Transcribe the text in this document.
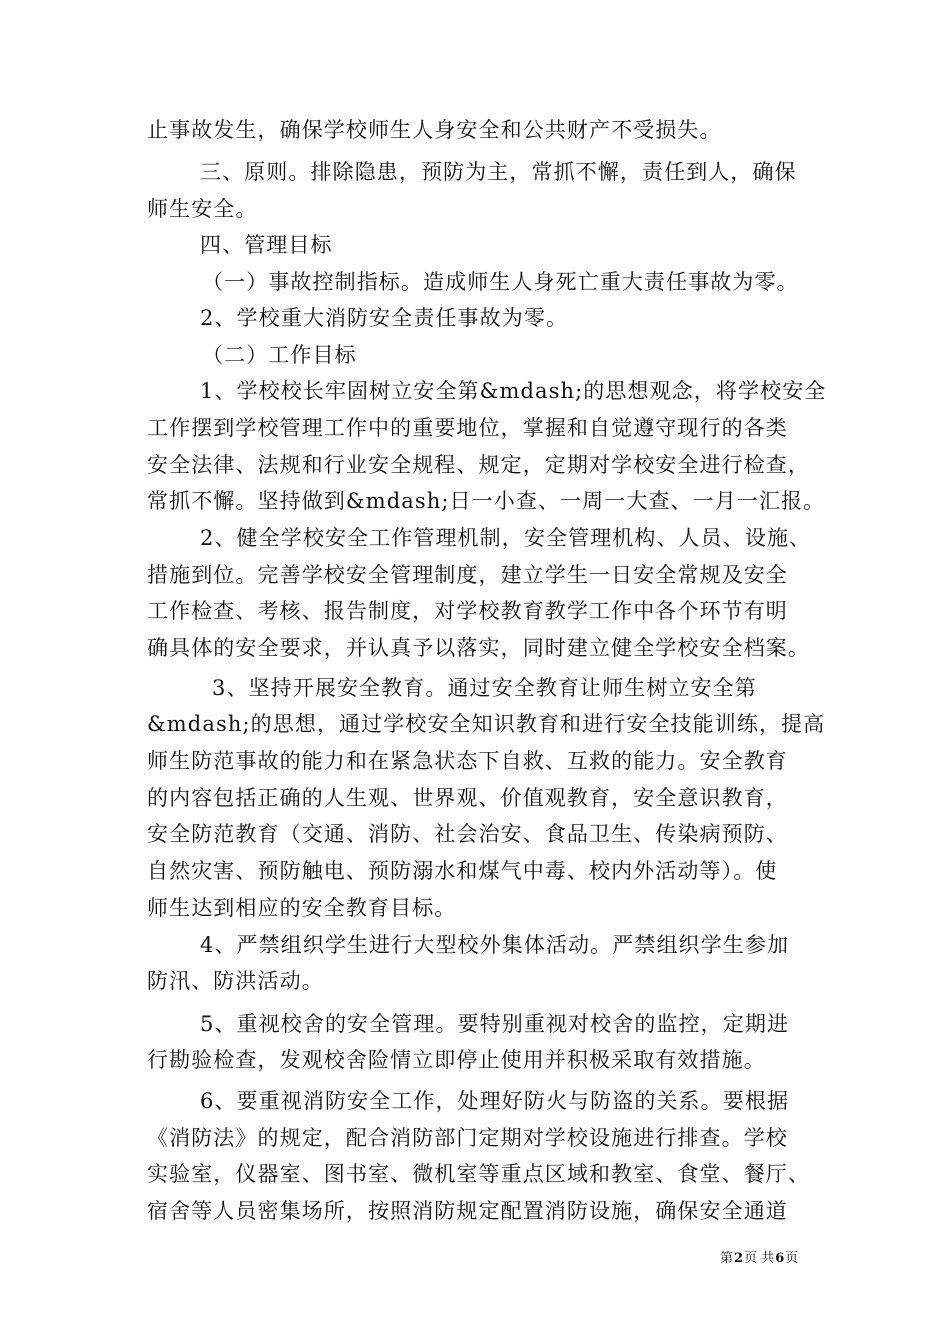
止事故发生，确保学校师生人身安全和公共财产不受损失。
三、原则。排除隐患，预防为主，常抓不懈，责任到人，确保
师生安全。
四、管理目标
（一）事故控制指标。造成师生人身死亡重大责任事故为零。
2、学校重大消防安全责任事故为零。
（二）工作目标
1、学校校长牢固树立安全第&mdash;的思想观念，将学校安全
工作摆到学校管理工作中的重要地位，掌握和自觉遵守现行的各类
安全法律、法规和行业安全规程、规定，定期对学校安全进行检查，
常抓不懈。坚持做到&mdash;日一小查、一周一大查、一月一汇报。
2、健全学校安全工作管理机制，安全管理机构、人员、设施、
措施到位。完善学校安全管理制度，建立学生一日安全常规及安全
工作检查、考核、报告制度，对学校教育教学工作中各个环节有明
确具体的安全要求，并认真予以落实，同时建立健全学校安全档案。
3、坚持开展安全教育。通过安全教育让师生树立安全第
&mdash;的思想，通过学校安全知识教育和进行安全技能训练，提高
师生防范事故的能力和在紧急状态下自救、互救的能力。安全教育
的内容包括正确的人生观、世界观、价值观教育，安全意识教育，
安全防范教育（交通、消防、社会治安、食品卫生、传染病预防、
自然灾害、预防触电、预防溺水和煤气中毒、校内外活动等）。使
师生达到相应的安全教育目标。
4、严禁组织学生进行大型校外集体活动。严禁组织学生参加
防汛、防洪活动。
5、重视校舍的安全管理。要特别重视对校舍的监控，定期进
行勘验检查，发观校舍险情立即停止使用并积极采取有效措施。
6、要重视消防安全工作，处理好防火与防盗的关系。要根据
《消防法》的规定，配合消防部门定期对学校设施进行排查。学校
实验室，仪器室、图书室、微机室等重点区域和教室、食堂、餐厅、
宿舍等人员密集场所，按照消防规定配置消防设施，确保安全通道
第2页 共6页
